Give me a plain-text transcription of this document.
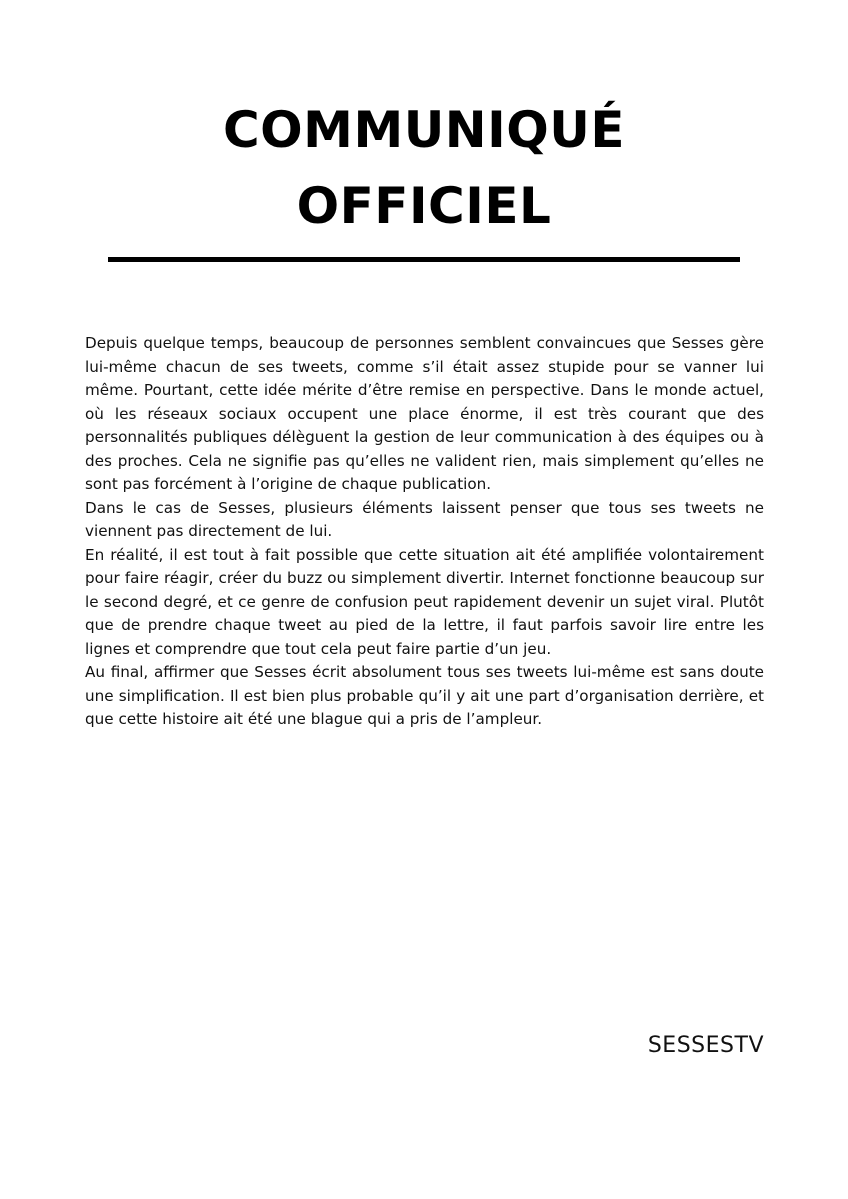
COMMUNIQUÉ
OFFICIEL

Depuis quelque temps, beaucoup de personnes semblent convaincues que Sesses gère lui-même chacun de ses tweets, comme s’il était assez stupide pour se vanner lui même. Pourtant, cette idée mérite d’être remise en perspective. Dans le monde actuel, où les réseaux sociaux occupent une place énorme, il est très courant que des personnalités publiques délèguent la gestion de leur communication à des équipes ou à des proches. Cela ne signifie pas qu’elles ne valident rien, mais simplement qu’elles ne sont pas forcément à l’origine de chaque publication.

Dans le cas de Sesses, plusieurs éléments laissent penser que tous ses tweets ne viennent pas directement de lui.

En réalité, il est tout à fait possible que cette situation ait été amplifiée volontairement pour faire réagir, créer du buzz ou simplement divertir. Internet fonctionne beaucoup sur le second degré, et ce genre de confusion peut rapidement devenir un sujet viral. Plutôt que de prendre chaque tweet au pied de la lettre, il faut parfois savoir lire entre les lignes et comprendre que tout cela peut faire partie d’un jeu.

Au final, affirmer que Sesses écrit absolument tous ses tweets lui-même est sans doute une simplification. Il est bien plus probable qu’il y ait une part d’organisation derrière, et que cette histoire ait été une blague qui a pris de l’ampleur.

SESSESTV
